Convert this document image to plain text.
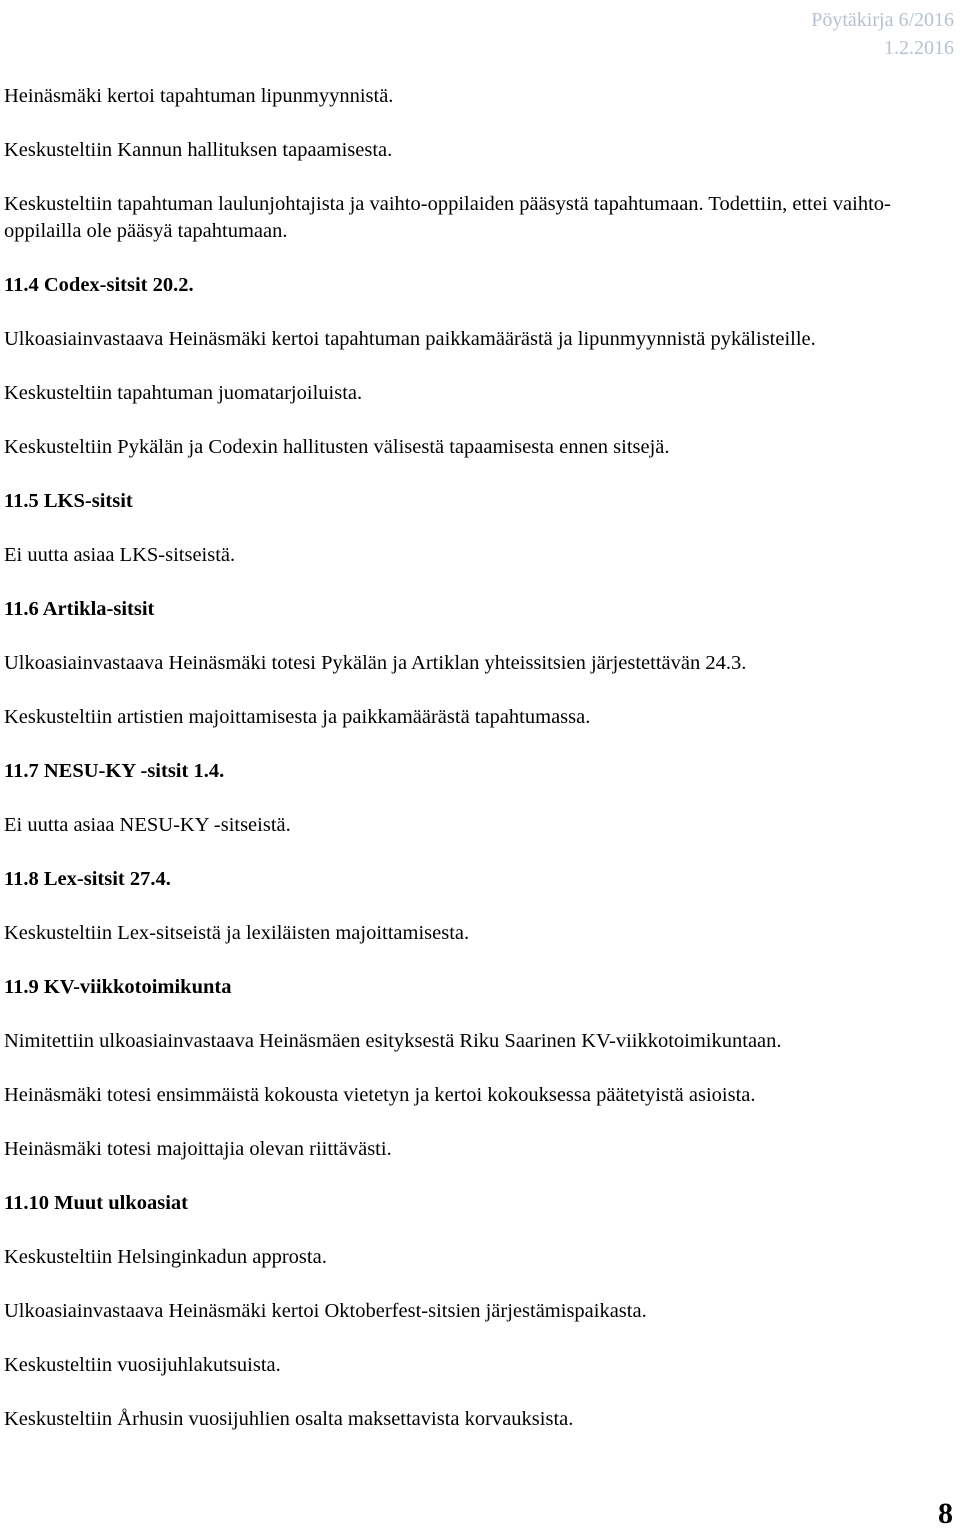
Pöytäkirja 6/2016
1.2.2016

Heinäsmäki kertoi tapahtuman lipunmyynnistä.

Keskusteltiin Kannun hallituksen tapaamisesta.

Keskusteltiin tapahtuman laulunjohtajista ja vaihto-oppilaiden pääsystä tapahtumaan. Todettiin, ettei vaihto-oppilailla ole pääsyä tapahtumaan.

11.4 Codex-sitsit 20.2.

Ulkoasiainvastaava Heinäsmäki kertoi tapahtuman paikkamäärästä ja lipunmyynnistä pykälisteille.

Keskusteltiin tapahtuman juomatarjoiluista.

Keskusteltiin Pykälän ja Codexin hallitusten välisestä tapaamisesta ennen sitsejä.

11.5 LKS-sitsit

Ei uutta asiaa LKS-sitseistä.

11.6 Artikla-sitsit

Ulkoasiainvastaava Heinäsmäki totesi Pykälän ja Artiklan yhteissitsien järjestettävän 24.3.

Keskusteltiin artistien majoittamisesta ja paikkamäärästä tapahtumassa.

11.7 NESU-KY -sitsit 1.4.

Ei uutta asiaa NESU-KY -sitseistä.

11.8 Lex-sitsit 27.4.

Keskusteltiin Lex-sitseistä ja lexiläisten majoittamisesta.

11.9 KV-viikkotoimikunta

Nimitettiin ulkoasiainvastaava Heinäsmäen esityksestä Riku Saarinen KV-viikkotoimikuntaan.

Heinäsmäki totesi ensimmäistä kokousta vietetyn ja kertoi kokouksessa päätetyistä asioista.

Heinäsmäki totesi majoittajia olevan riittävästi.

11.10 Muut ulkoasiat

Keskusteltiin Helsinginkadun approsta.

Ulkoasiainvastaava Heinäsmäki kertoi Oktoberfest-sitsien järjestämispaikasta.

Keskusteltiin vuosijuhlakutsuista.

Keskusteltiin Århusin vuosijuhlien osalta maksettavista korvauksista.

8
